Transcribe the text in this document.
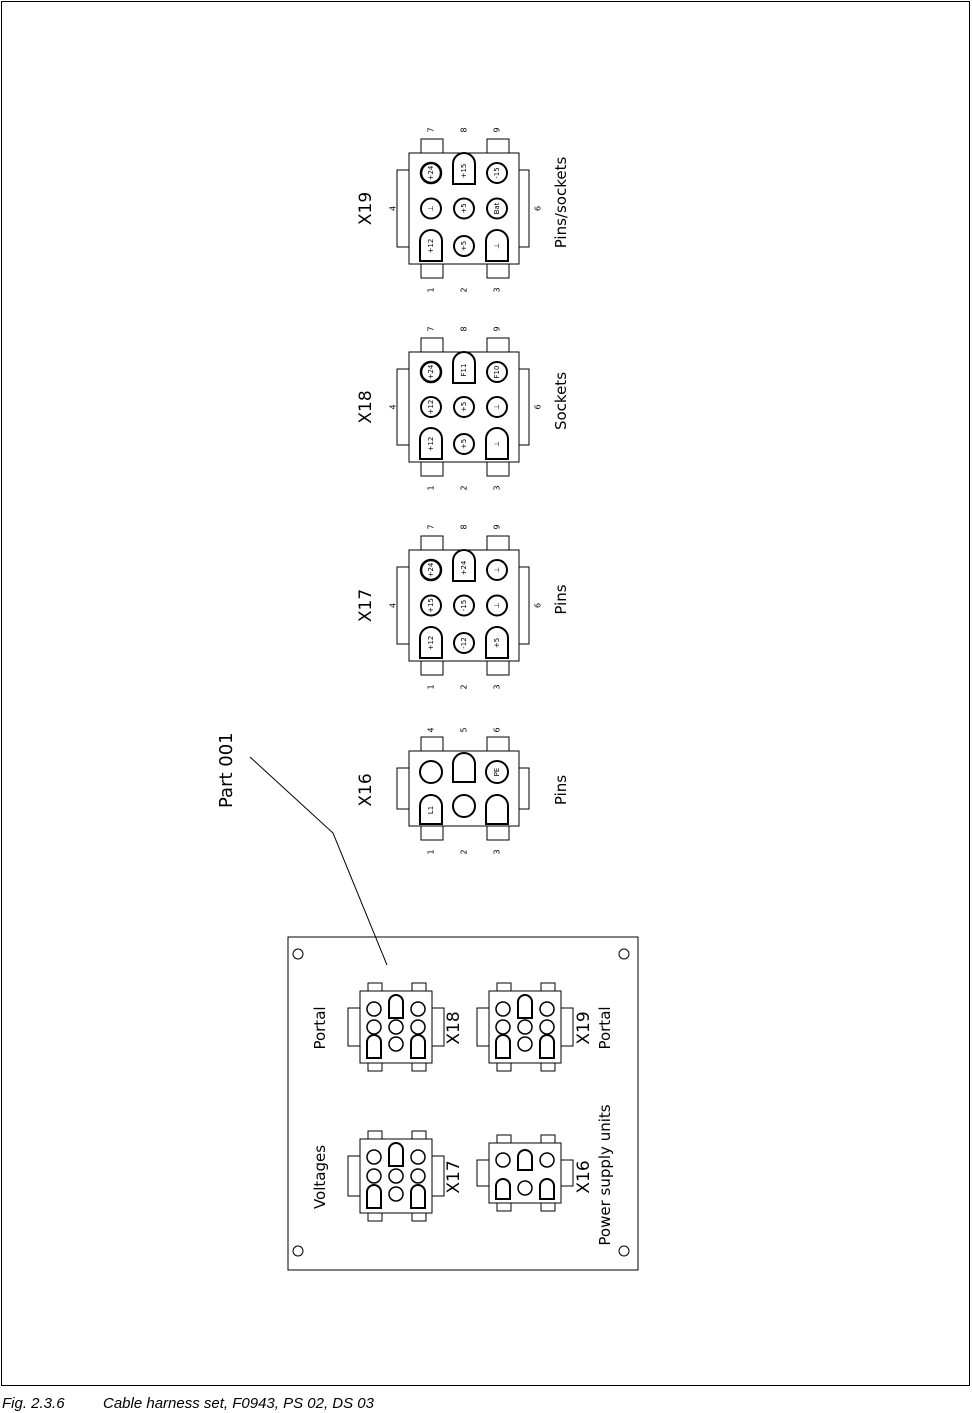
X16	Pins
1	2	3
4	5	6
L1
PE
X17	Pins
1	2	3
4	6
7	8	9
+12	-12	+5
+15	-15	⊥
+24	+24	⊥
X18	Sockets
1	2	3
4	6
7	8	9
+12	+5	⊥
+12	+5	⊥
+24	F11	F10
X19	Pins/sockets
1	2	3
4	6
7	8	9
+12	+5	⊥
⊥	+5	Bat
+24	+15	-15
Voltages
Portal	Portal
Power supply units
X17
X18
X16
X19
Part 001
Fig. 2.3.6	Cable harness set, F0943, PS 02, DS 03
